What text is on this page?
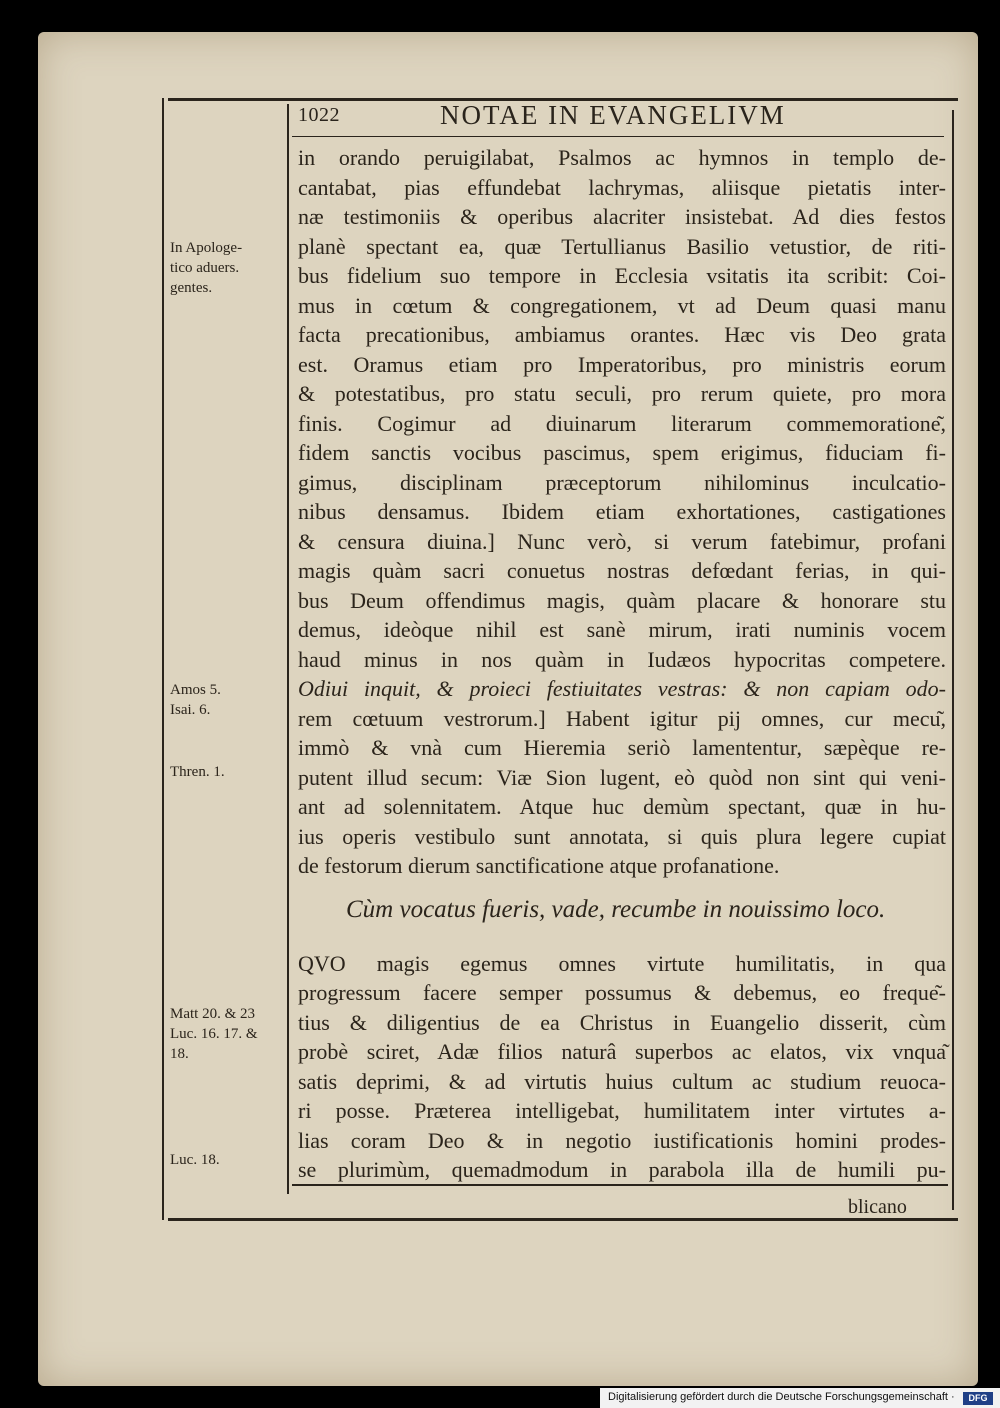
1022	NOTAE IN EVANGELIVM
in orando peruigilabat, Psalmos ac hymnos in templo de-
cantabat, pias effundebat lachrymas, aliisque pietatis inter-
næ testimoniis & operibus alacriter insistebat. Ad dies festos
planè spectant ea, quæ Tertullianus Basilio vetustior, de riti-
bus fidelium suo tempore in Ecclesia vsitatis ita scribit: Coi-
mus in cœtum & congregationem, vt ad Deum quasi manu
facta precationibus, ambiamus orantes. Hæc vis Deo grata
est. Oramus etiam pro Imperatoribus, pro ministris eorum
& potestatibus, pro statu seculi, pro rerum quiete, pro mora
finis. Cogimur ad diuinarum literarum commemoratione͂,
fidem sanctis vocibus pascimus, spem erigimus, fiduciam fi-
gimus, disciplinam præceptorum nihilominus inculcatio-
nibus densamus. Ibidem etiam exhortationes, castigationes
& censura diuina.] Nunc verò, si verum fatebimur, profani
magis quàm sacri conuetus nostras defœdant ferias, in qui-
bus Deum offendimus magis, quàm placare & honorare stu
demus, ideòque nihil est sanè mirum, irati numinis vocem
haud minus in nos quàm in Iudæos hypocritas competere.
Odiui inquit, & proieci festiuitates vestras: & non capiam odo-
rem cœtuum vestrorum.] Habent igitur pij omnes, cur mecu͂,
immò & vnà cum Hieremia seriò lamententur, sæpèque re-
putent illud secum: Viæ Sion lugent, eò quòd non sint qui veni-
ant ad solennitatem. Atque huc demùm spectant, quæ in hu-
ius operis vestibulo sunt annotata, si quis plura legere cupiat
de festorum dierum sanctificatione atque profanatione.
Cùm vocatus fueris, vade, recumbe in nouissimo loco.
QVO magis egemus omnes virtute humilitatis, in qua
progressum facere semper possumus & debemus, eo freque͂-
tius & diligentius de ea Christus in Euangelio disserit, cùm
probè sciret, Adæ filios naturâ superbos ac elatos, vix vnqua͂
satis deprimi, & ad virtutis huius cultum ac studium reuoca-
ri posse. Præterea intelligebat, humilitatem inter virtutes a-
lias coram Deo & in negotio iustificationis homini prodes-
se plurimùm, quemadmodum in parabola illa de humili pu-
In Apologe-
tico aduers.
gentes.
Amos 5.
Isai. 6.
Thren. 1.
Matt 20. & 23
Luc. 16. 17. &
18.
Luc. 18.
blicano
Digitalisierung gefördert durch die Deutsche Forschungsgemeinschaft ·	DFG
